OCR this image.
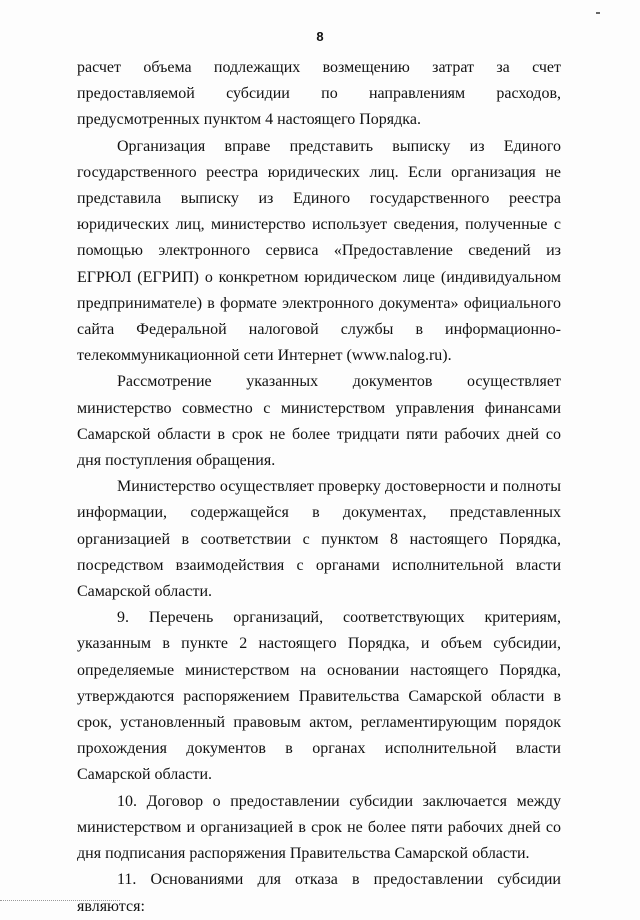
8

расчет объема подлежащих возмещению затрат за счет предоставляемой субсидии по направлениям расходов, предусмотренных пунктом 4 настоящего Порядка.

Организация вправе представить выписку из Единого государственного реестра юридических лиц. Если организация не представила выписку из Единого государственного реестра юридических лиц, министерство использует сведения, полученные с помощью электронного сервиса «Предоставление сведений из ЕГРЮЛ (ЕГРИП) о конкретном юридическом лице (индивидуальном предпринимателе) в формате электронного документа» официального сайта Федеральной налоговой службы в информационно-телекоммуникационной сети Интернет (www.nalog.ru).

Рассмотрение указанных документов осуществляет министерство совместно с министерством управления финансами Самарской области в срок не более тридцати пяти рабочих дней со дня поступления обращения.

Министерство осуществляет проверку достоверности и полноты информации, содержащейся в документах, представленных организацией в соответствии с пунктом 8 настоящего Порядка, посредством взаимодействия с органами исполнительной власти Самарской области.

9. Перечень организаций, соответствующих критериям, указанным в пункте 2 настоящего Порядка, и объем субсидии, определяемые министерством на основании настоящего Порядка, утверждаются распоряжением Правительства Самарской области в срок, установленный правовым актом, регламентирующим порядок прохождения документов в органах исполнительной власти Самарской области.

10. Договор о предоставлении субсидии заключается между министерством и организацией в срок не более пяти рабочих дней со дня подписания распоряжения Правительства Самарской области.

11. Основаниями для отказа в предоставлении субсидии являются:
